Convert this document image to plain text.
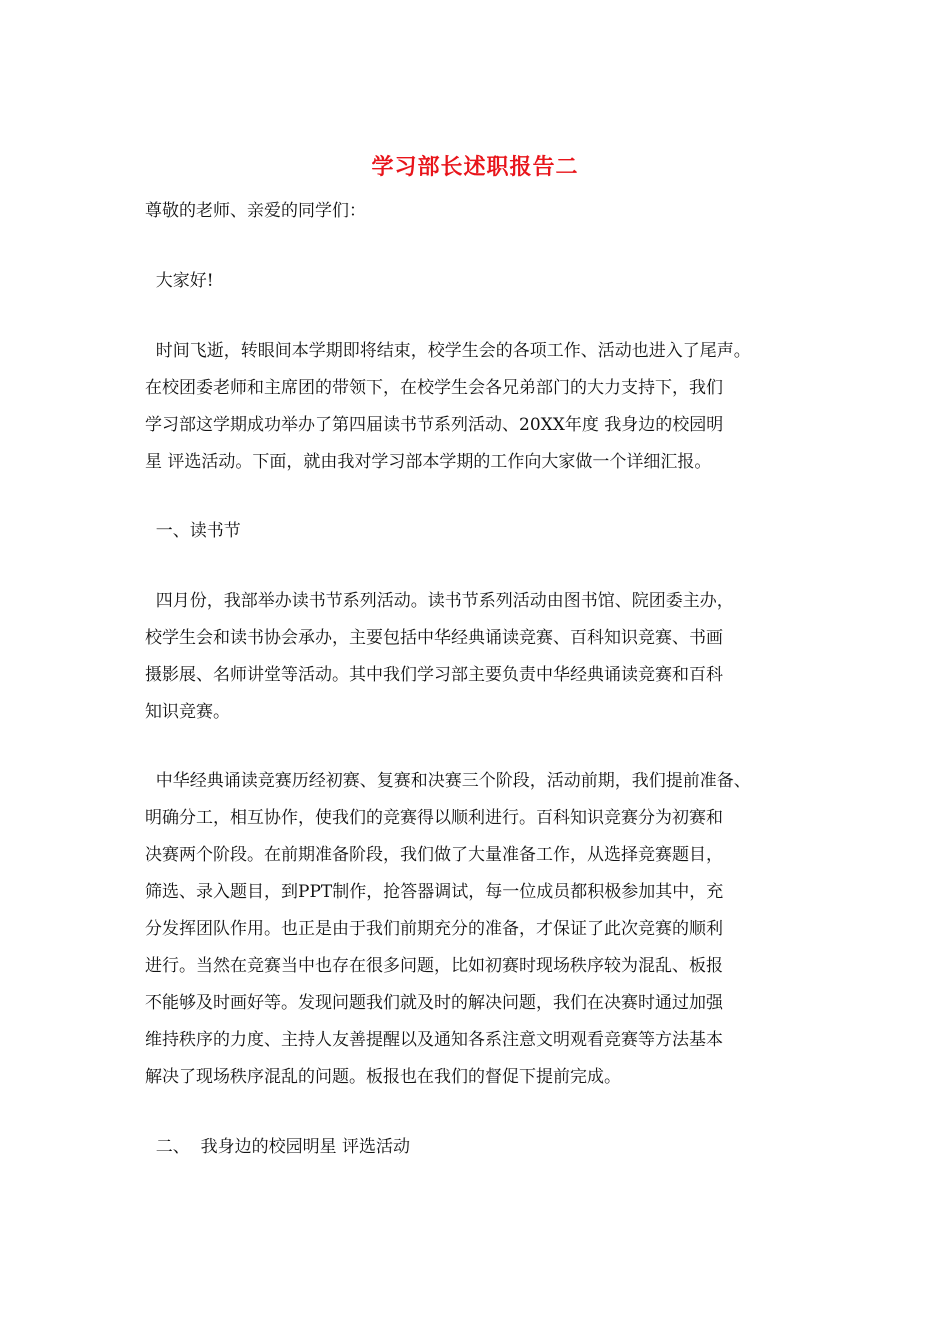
学习部长述职报告二
尊敬的老师、亲爱的同学们：
大家好!
时间飞逝，转眼间本学期即将结束，校学生会的各项工作、活动也进入了尾声。
在校团委老师和主席团的带领下，在校学生会各兄弟部门的大力支持下，我们
学习部这学期成功举办了第四届读书节系列活动、20XX年度 我身边的校园明
星 评选活动。下面，就由我对学习部本学期的工作向大家做一个详细汇报。
一、读书节
四月份，我部举办读书节系列活动。读书节系列活动由图书馆、院团委主办，
校学生会和读书协会承办，主要包括中华经典诵读竞赛、百科知识竞赛、书画
摄影展、名师讲堂等活动。其中我们学习部主要负责中华经典诵读竞赛和百科
知识竞赛。
中华经典诵读竞赛历经初赛、复赛和决赛三个阶段，活动前期，我们提前准备、
明确分工，相互协作，使我们的竞赛得以顺利进行。百科知识竞赛分为初赛和
决赛两个阶段。在前期准备阶段，我们做了大量准备工作，从选择竞赛题目，
筛选、录入题目，到PPT制作，抢答器调试，每一位成员都积极参加其中，充
分发挥团队作用。也正是由于我们前期充分的准备，才保证了此次竞赛的顺利
进行。当然在竞赛当中也存在很多问题，比如初赛时现场秩序较为混乱、板报
不能够及时画好等。发现问题我们就及时的解决问题，我们在决赛时通过加强
维持秩序的力度、主持人友善提醒以及通知各系注意文明观看竞赛等方法基本
解决了现场秩序混乱的问题。板报也在我们的督促下提前完成。
二、  我身边的校园明星 评选活动
